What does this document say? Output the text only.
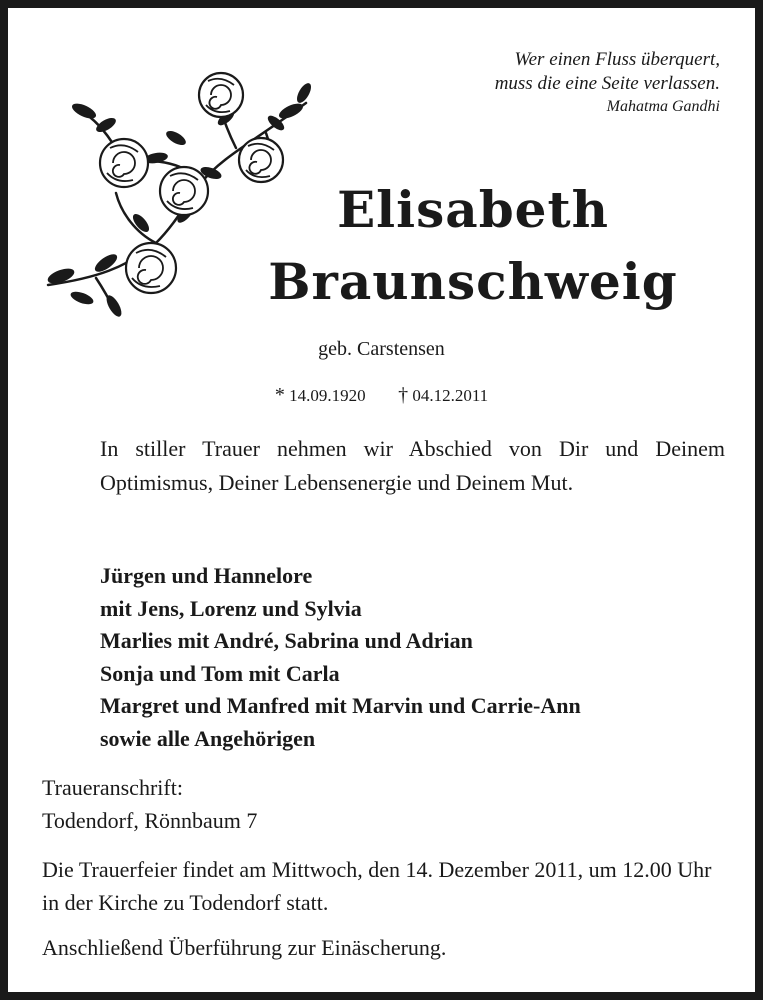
Wer einen Fluss überquert,
muss die eine Seite verlassen.
Mahatma Gandhi
Elisabeth
Braunschweig
geb. Carstensen
* 14.09.1920 † 04.12.2011
In stiller Trauer nehmen wir Abschied von Dir und Deinem Optimismus, Deiner Lebensenergie und Deinem Mut.
Jürgen und Hannelore
mit Jens, Lorenz und Sylvia
Marlies mit André, Sabrina und Adrian
Sonja und Tom mit Carla
Margret und Manfred mit Marvin und Carrie-Ann
sowie alle Angehörigen
Traueranschrift:
Todendorf, Rönnbaum 7
Die Trauerfeier findet am Mittwoch, den 14. Dezember 2011, um 12.00 Uhr in der Kirche zu Todendorf statt.
Anschließend Überführung zur Einäscherung.
